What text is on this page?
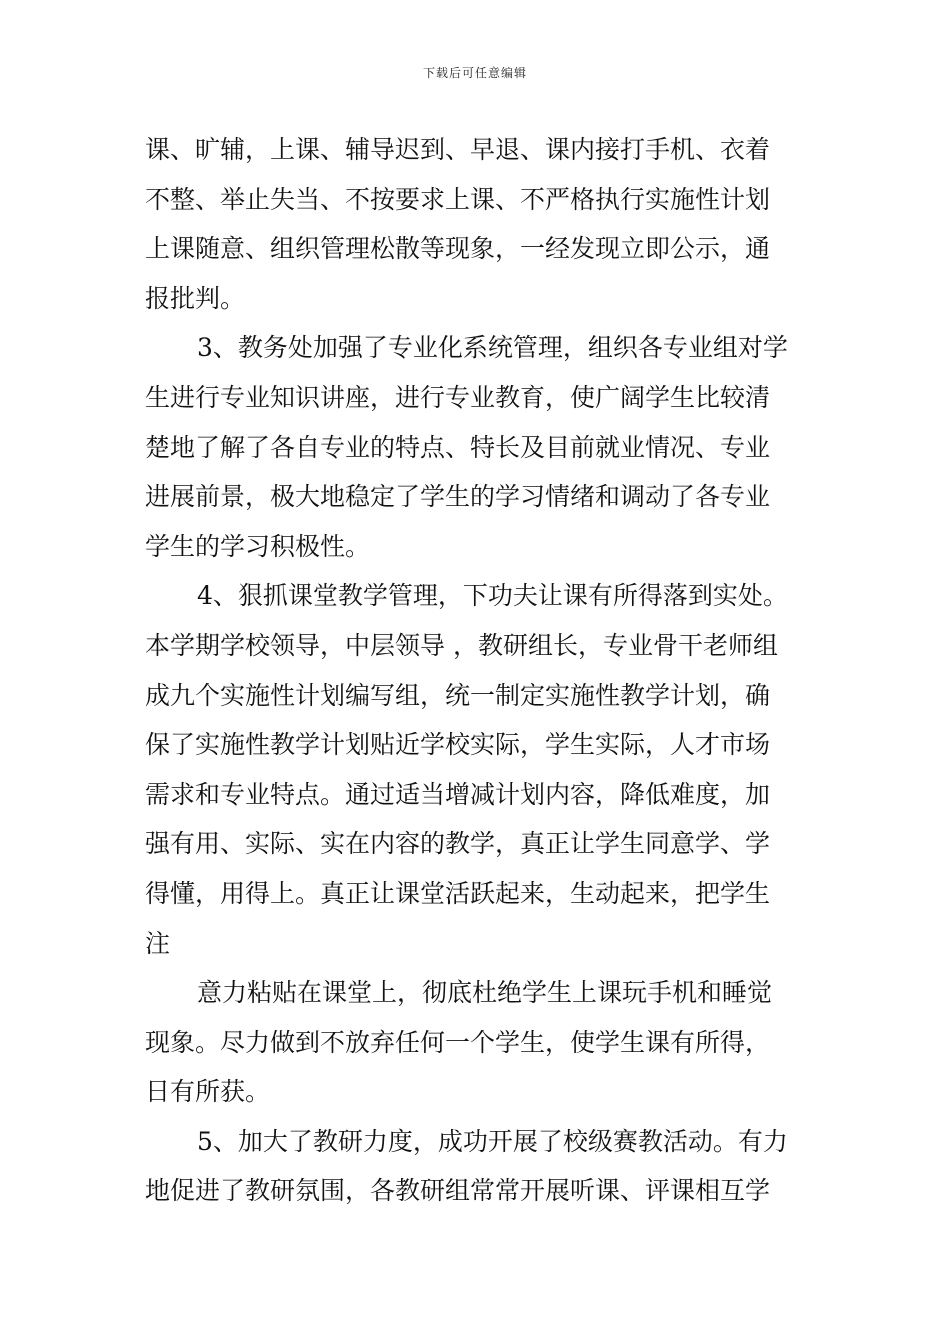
下载后可任意编辑
课、旷辅，上课、辅导迟到、早退、课内接打手机、衣着
不整、举止失当、不按要求上课、不严格执行实施性计划
上课随意、组织管理松散等现象，一经发现立即公示，通
报批判。
3、教务处加强了专业化系统管理，组织各专业组对学
生进行专业知识讲座，进行专业教育，使广阔学生比较清
楚地了解了各自专业的特点、特长及目前就业情况、专业
进展前景，极大地稳定了学生的学习情绪和调动了各专业
学生的学习积极性。
4、狠抓课堂教学管理，下功夫让课有所得落到实处。
本学期学校领导，中层领导 ，教研组长，专业骨干老师组
成九个实施性计划编写组，统一制定实施性教学计划，确
保了实施性教学计划贴近学校实际，学生实际，人才市场
需求和专业特点。通过适当增减计划内容，降低难度，加
强有用、实际、实在内容的教学，真正让学生同意学、学
得懂，用得上。真正让课堂活跃起来，生动起来，把学生
注
意力粘贴在课堂上，彻底杜绝学生上课玩手机和睡觉
现象。尽力做到不放弃任何一个学生，使学生课有所得，
日有所获。
5、加大了教研力度，成功开展了校级赛教活动。有力
地促进了教研氛围，各教研组常常开展听课、评课相互学
